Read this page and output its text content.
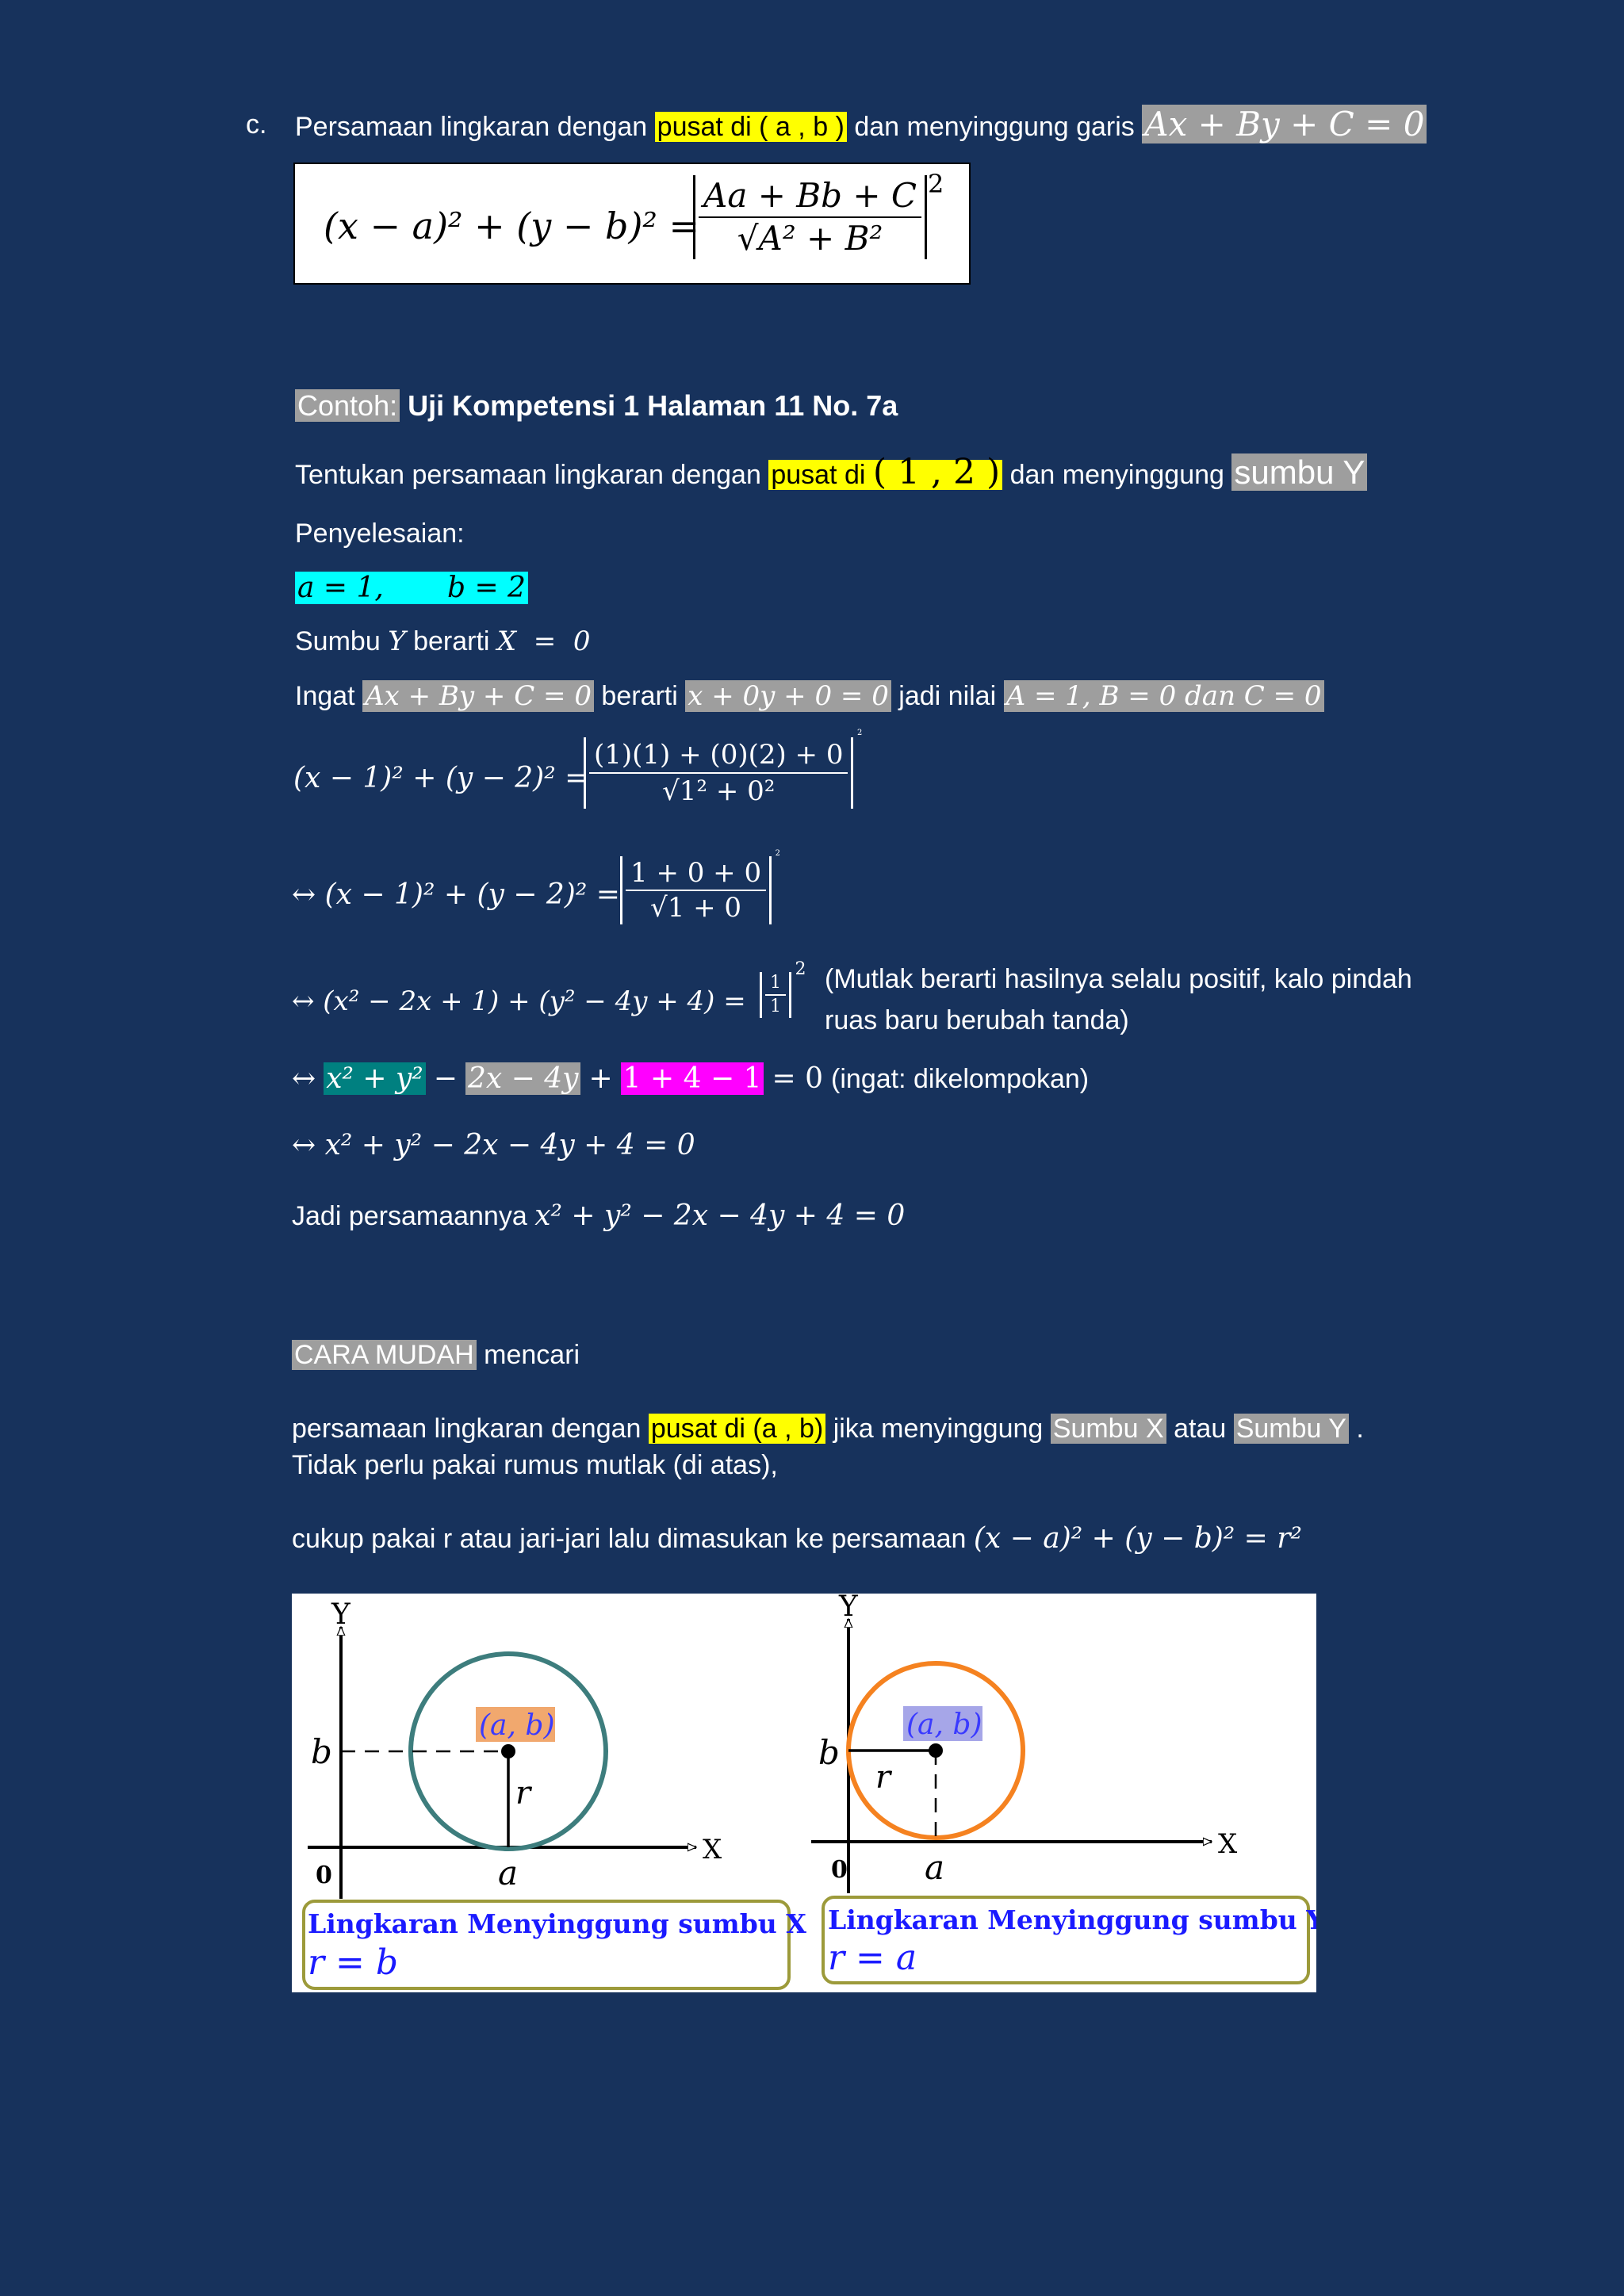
c. Persamaan lingkaran dengan pusat di ( a , b ) dan menyinggung garis Ax + By + C = 0
$(x - a)^2 + (y - b)^2 = \frac{Aa + Bb + C}{\text{√A² + B²}} 2$
Contoh: Uji Kompetensi 1 Halaman 11 No. 7a
Tentukan persamaan lingkaran dengan pusat di ( 1 , 2 ) dan menyinggung sumbu Y
Penyelesaian:
a = 1,       b = 2
Sumbu Y berarti X  =  0
Ingat Ax + By + C = 0 berarti x + 0y + 0 = 0 jadi nilai A = 1, B = 0 dan C = 0
$(x - 1)^2 + (y - 2)^2 = \frac{(1)(1) + (0)(2) + 0}{\text{√1² + 0²}}$
$^2$
↔ $(x - 1)^2 + (y - 2)^2 = \frac{1 + 0 + 0}{√1 + 0}$
$^2$
↔ $(x^2 - 2x + 1) + (y^2 - 4y + 4) = \frac{1}{1}$
$^2$ (Mutlak berarti hasilnya selalu positif, kalo pindah
ruas baru berubah tanda)
↔ x² + y² − 2x − 4y + 1 + 4 − 1 = 0 (ingat: dikelompokan)
↔ x² + y² − 2x − 4y + 4 = 0
Jadi persamaannya x² + y² − 2x − 4y + 4 = 0
CARA MUDAH mencari
persamaan lingkaran dengan pusat di (a , b) jika menyinggung Sumbu X atau Sumbu Y .
Tidak perlu pakai rumus mutlak (di atas),
cukup pakai r atau jari-jari lalu dimasukan ke persamaan (x − a)² + (y − b)² = r²
(a, b)
Y
X
0
b
a
r
Lingkaran Menyinggung sumbu X
r = b
(a, b)
Y
X
0
b
a
r
Lingkaran Menyinggung sumbu Y
r = a
